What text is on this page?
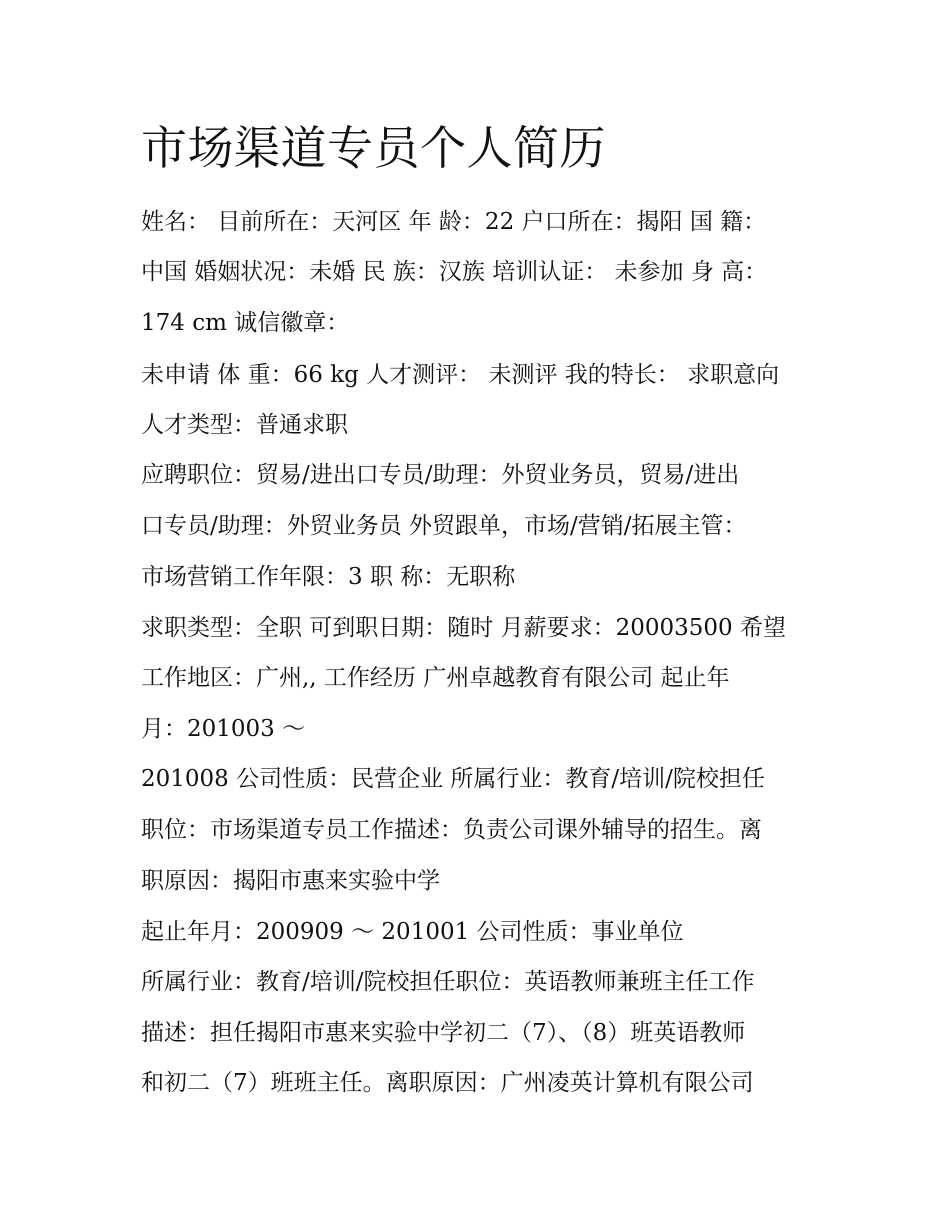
市场渠道专员个人简历

姓名： 目前所在：天河区 年 龄：22 户口所在：揭阳 国 籍：

中国 婚姻状况：未婚 民 族：汉族 培训认证： 未参加 身 高：

174 cm 诚信徽章：

未申请 体 重：66 kg 人才测评： 未测评 我的特长： 求职意向

人才类型：普通求职

应聘职位：贸易/进出口专员/助理：外贸业务员，贸易/进出

口专员/助理：外贸业务员 外贸跟单，市场/营销/拓展主管：

市场营销工作年限：3 职 称：无职称

求职类型：全职 可到职日期：随时 月薪要求：20003500 希望

工作地区：广州,, 工作经历 广州卓越教育有限公司 起止年

月：201003 ～

201008 公司性质：民营企业 所属行业：教育/培训/院校担任

职位：市场渠道专员工作描述：负责公司课外辅导的招生。离

职原因：揭阳市惠来实验中学

起止年月：200909 ～ 201001 公司性质：事业单位

所属行业：教育/培训/院校担任职位：英语教师兼班主任工作

描述：担任揭阳市惠来实验中学初二（7）、（8）班英语教师

和初二（7）班班主任。离职原因：广州凌英计算机有限公司
